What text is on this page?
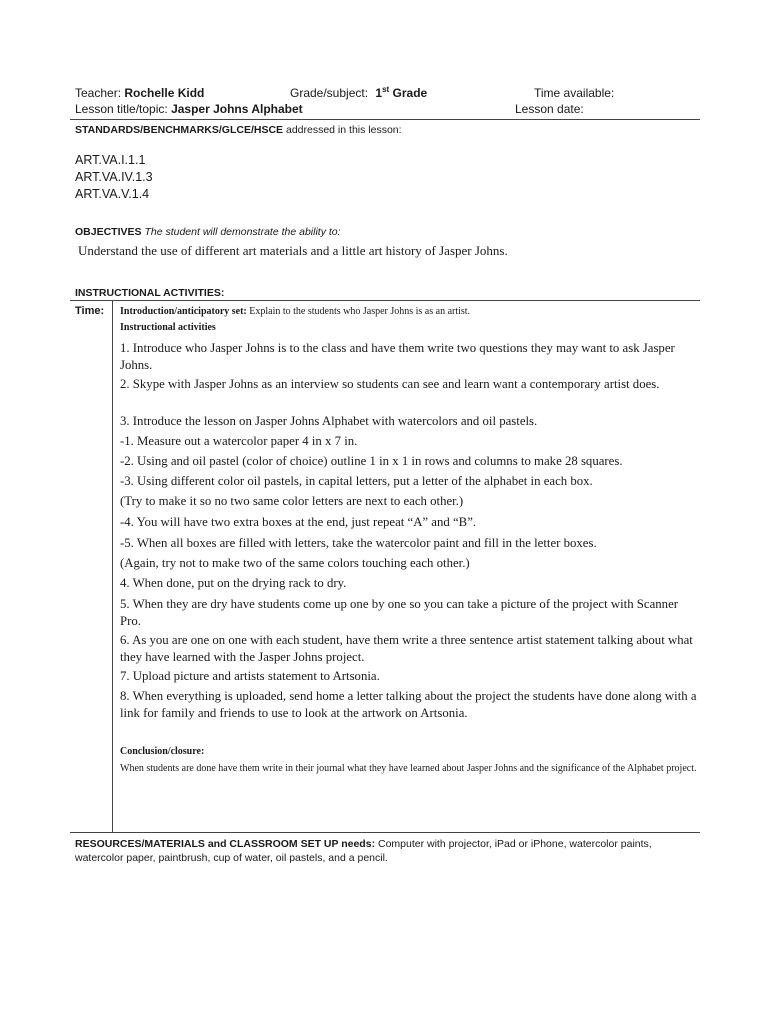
Teacher: Rochelle Kidd	Grade/subject: 1st Grade	Time available:
Lesson title/topic: Jasper Johns Alphabet	Lesson date:
STANDARDS/BENCHMARKS/GLCE/HSCE addressed in this lesson:
ART.VA.I.1.1
ART.VA.IV.1.3
ART.VA.V.1.4
OBJECTIVES The student will demonstrate the ability to:
Understand the use of different art materials and a little art history of Jasper Johns.
INSTRUCTIONAL ACTIVITIES:
Time: Introduction/anticipatory set: Explain to the students who Jasper Johns is as an artist.
Instructional activities
1. Introduce who Jasper Johns is to the class and have them write two questions they may want to ask Jasper Johns.
2. Skype with Jasper Johns as an interview so students can see and learn want a contemporary artist does.
3. Introduce the lesson on Jasper Johns Alphabet with watercolors and oil pastels.
-1. Measure out a watercolor paper 4 in x 7 in.
-2. Using and oil pastel (color of choice) outline 1 in x 1 in rows and columns to make 28 squares.
-3. Using different color oil pastels, in capital letters, put a letter of the alphabet in each box.
(Try to make it so no two same color letters are next to each other.)
-4. You will have two extra boxes at the end, just repeat “A” and “B”.
-5. When all boxes are filled with letters, take the watercolor paint and fill in the letter boxes.
(Again, try not to make two of the same colors touching each other.)
4. When done, put on the drying rack to dry.
5. When they are dry have students come up one by one so you can take a picture of the project with Scanner Pro.
6. As you are one on one with each student, have them write a three sentence artist statement talking about what they have learned with the Jasper Johns project.
7. Upload picture and artists statement to Artsonia.
8. When everything is uploaded, send home a letter talking about the project the students have done along with a link for family and friends to use to look at the artwork on Artsonia.
Conclusion/closure:
When students are done have them write in their journal what they have learned about Jasper Johns and the significance of the Alphabet project.
RESOURCES/MATERIALS and CLASSROOM SET UP needs: Computer with projector, iPad or iPhone, watercolor paints, watercolor paper, paintbrush, cup of water, oil pastels, and a pencil.
